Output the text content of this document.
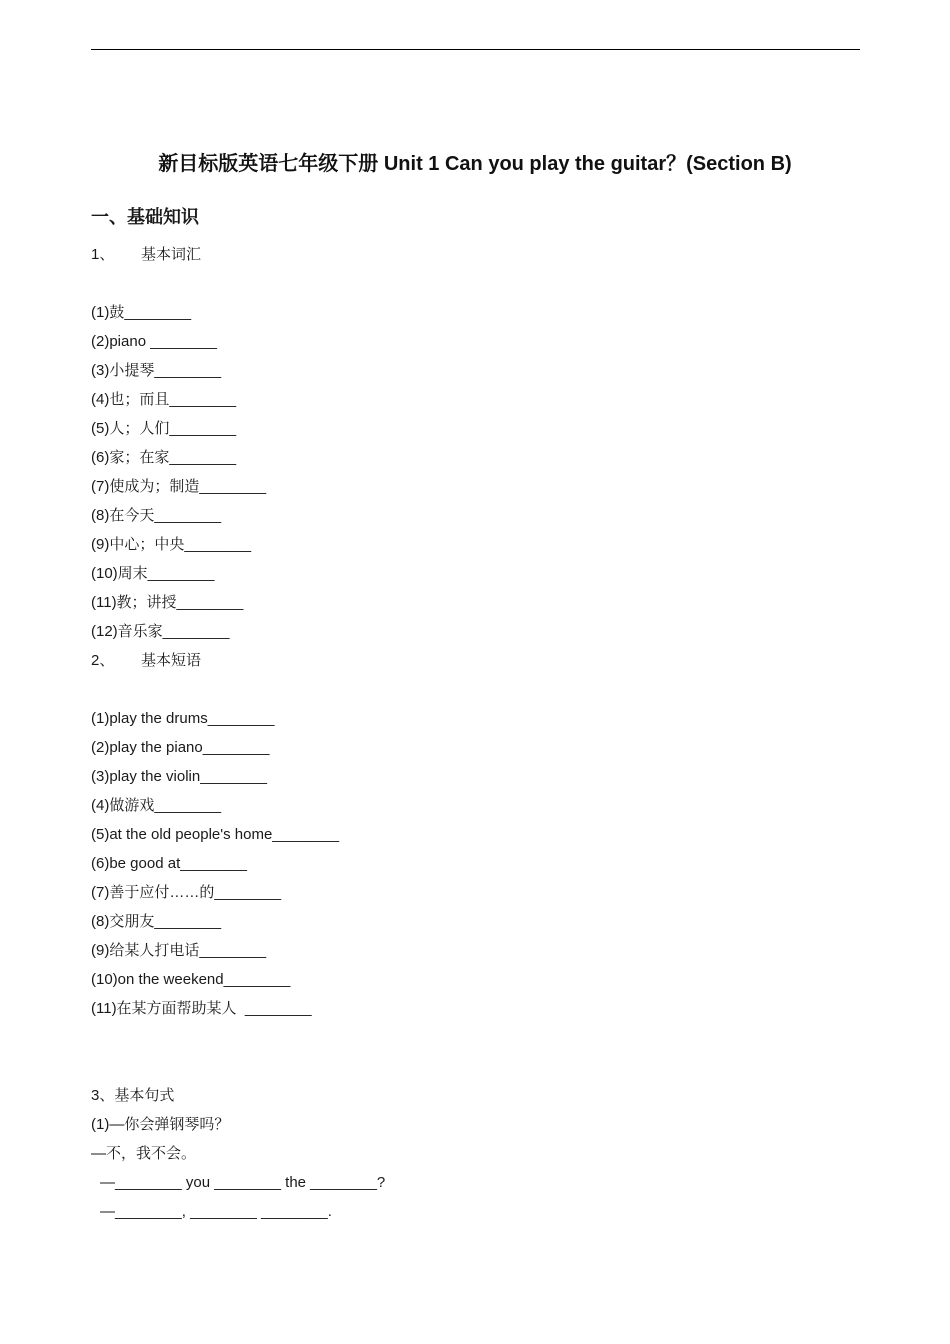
新目标版英语七年级下册 Unit 1 Can you play the guitar？(Section B)
一、基础知识
1、 基本词汇
(1)鼓________
(2)piano ________
(3)小提琴________
(4)也；而且________
(5)人；人们________
(6)家；在家________
(7)使成为；制造________
(8)在今天________
(9)中心；中央________
(10)周末________
(11)教；讲授________
(12)音乐家________
2、 基本短语
(1)play the drums________
(2)play the piano________
(3)play the violin________
(4)做游戏________
(5)at the old people's home________
(6)be good at________
(7)善于应付……的________
(8)交朋友________
(9)给某人打电话________
(10)on the weekend________
(11)在某方面帮助某人  ________
3、基本句式
(1)—你会弹钢琴吗？
—不，我不会。
—________ you ________ the ________?
—________, ________ ________.
